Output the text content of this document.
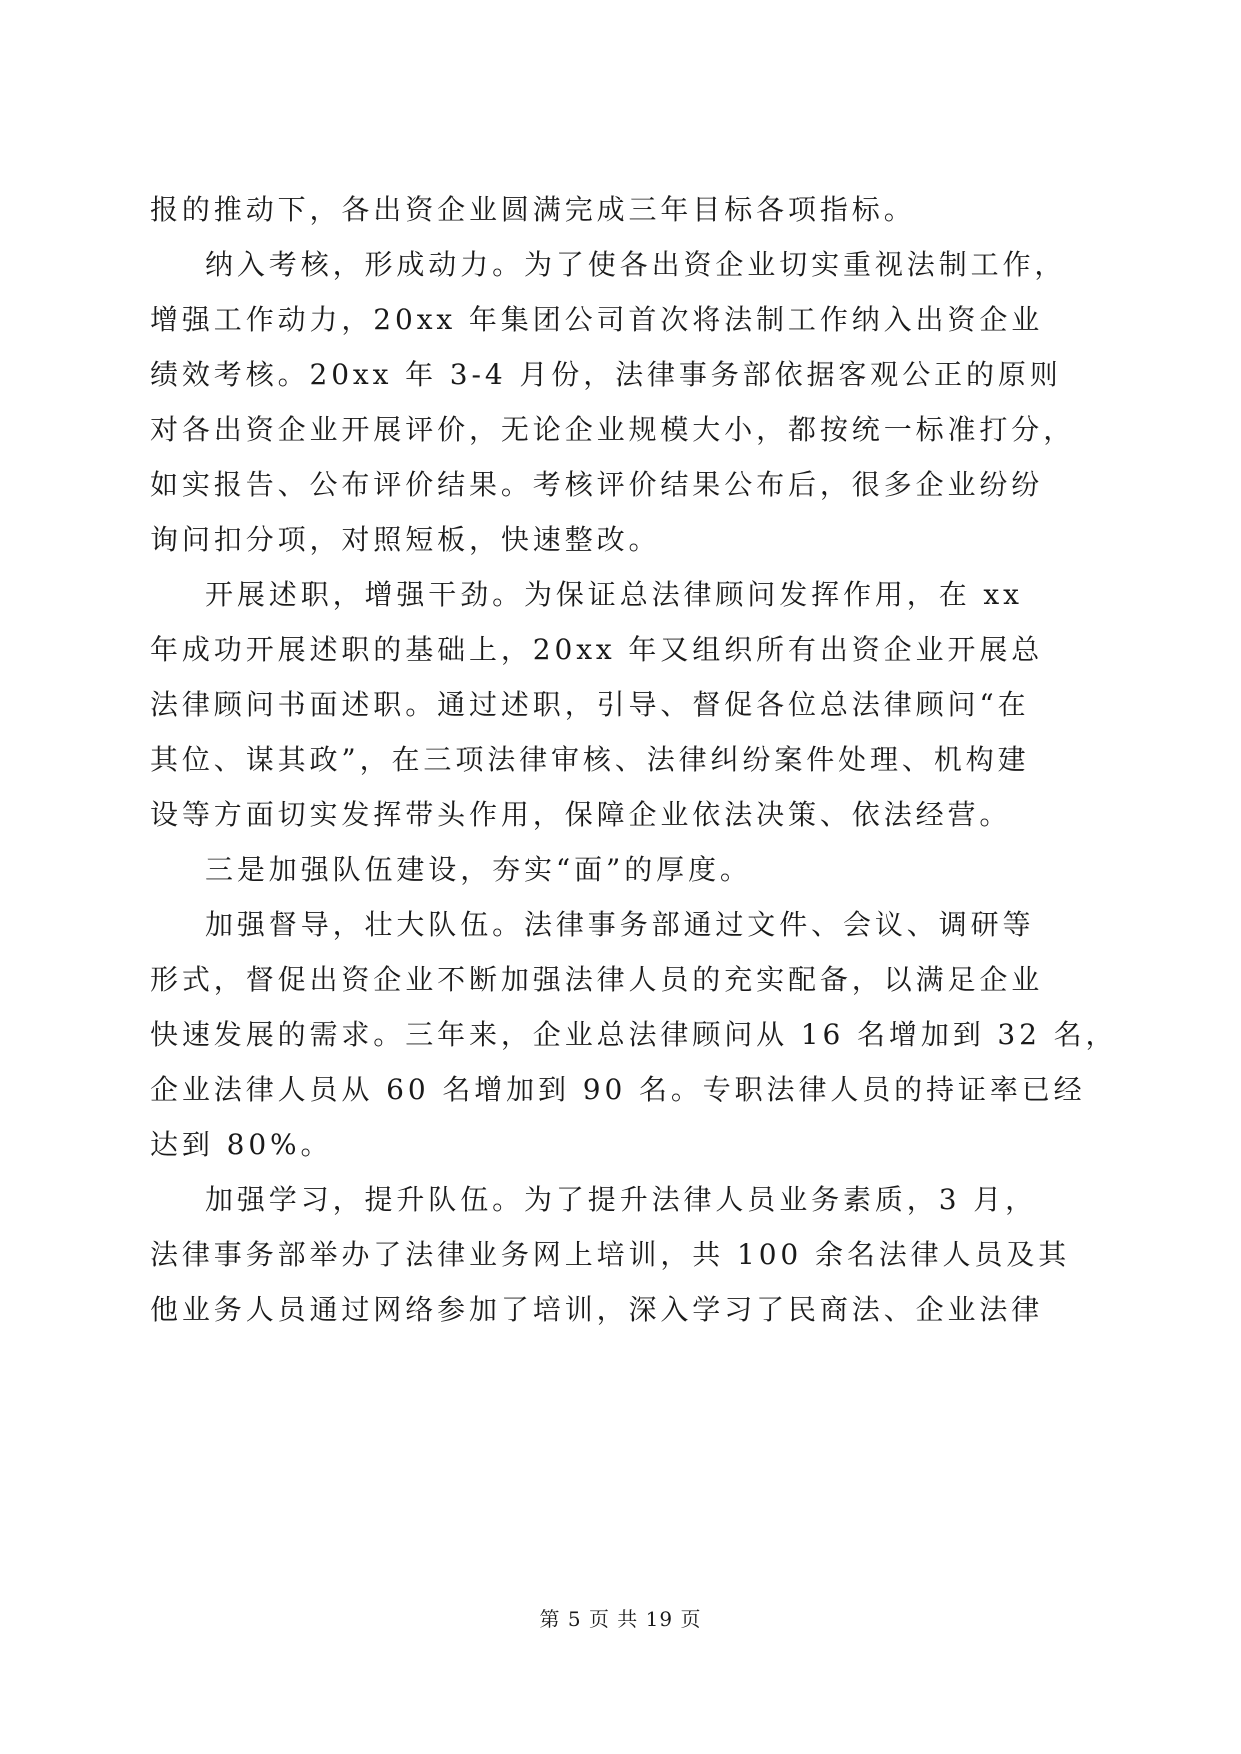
报的推动下，各出资企业圆满完成三年目标各项指标。
纳入考核，形成动力。为了使各出资企业切实重视法制工作，
增强工作动力，20xx 年集团公司首次将法制工作纳入出资企业
绩效考核。20xx 年 3-4 月份，法律事务部依据客观公正的原则
对各出资企业开展评价，无论企业规模大小，都按统一标准打分，
如实报告、公布评价结果。考核评价结果公布后，很多企业纷纷
询问扣分项，对照短板，快速整改。
开展述职，增强干劲。为保证总法律顾问发挥作用，在 xx
年成功开展述职的基础上，20xx 年又组织所有出资企业开展总
法律顾问书面述职。通过述职，引导、督促各位总法律顾问“在
其位、谋其政”，在三项法律审核、法律纠纷案件处理、机构建
设等方面切实发挥带头作用，保障企业依法决策、依法经营。
三是加强队伍建设，夯实“面”的厚度。
加强督导，壮大队伍。法律事务部通过文件、会议、调研等
形式，督促出资企业不断加强法律人员的充实配备，以满足企业
快速发展的需求。三年来，企业总法律顾问从 16 名增加到 32 名，
企业法律人员从 60 名增加到 90 名。专职法律人员的持证率已经
达到 80%。
加强学习，提升队伍。为了提升法律人员业务素质，3 月，
法律事务部举办了法律业务网上培训，共 100 余名法律人员及其
他业务人员通过网络参加了培训，深入学习了民商法、企业法律
第 5 页 共 19 页
